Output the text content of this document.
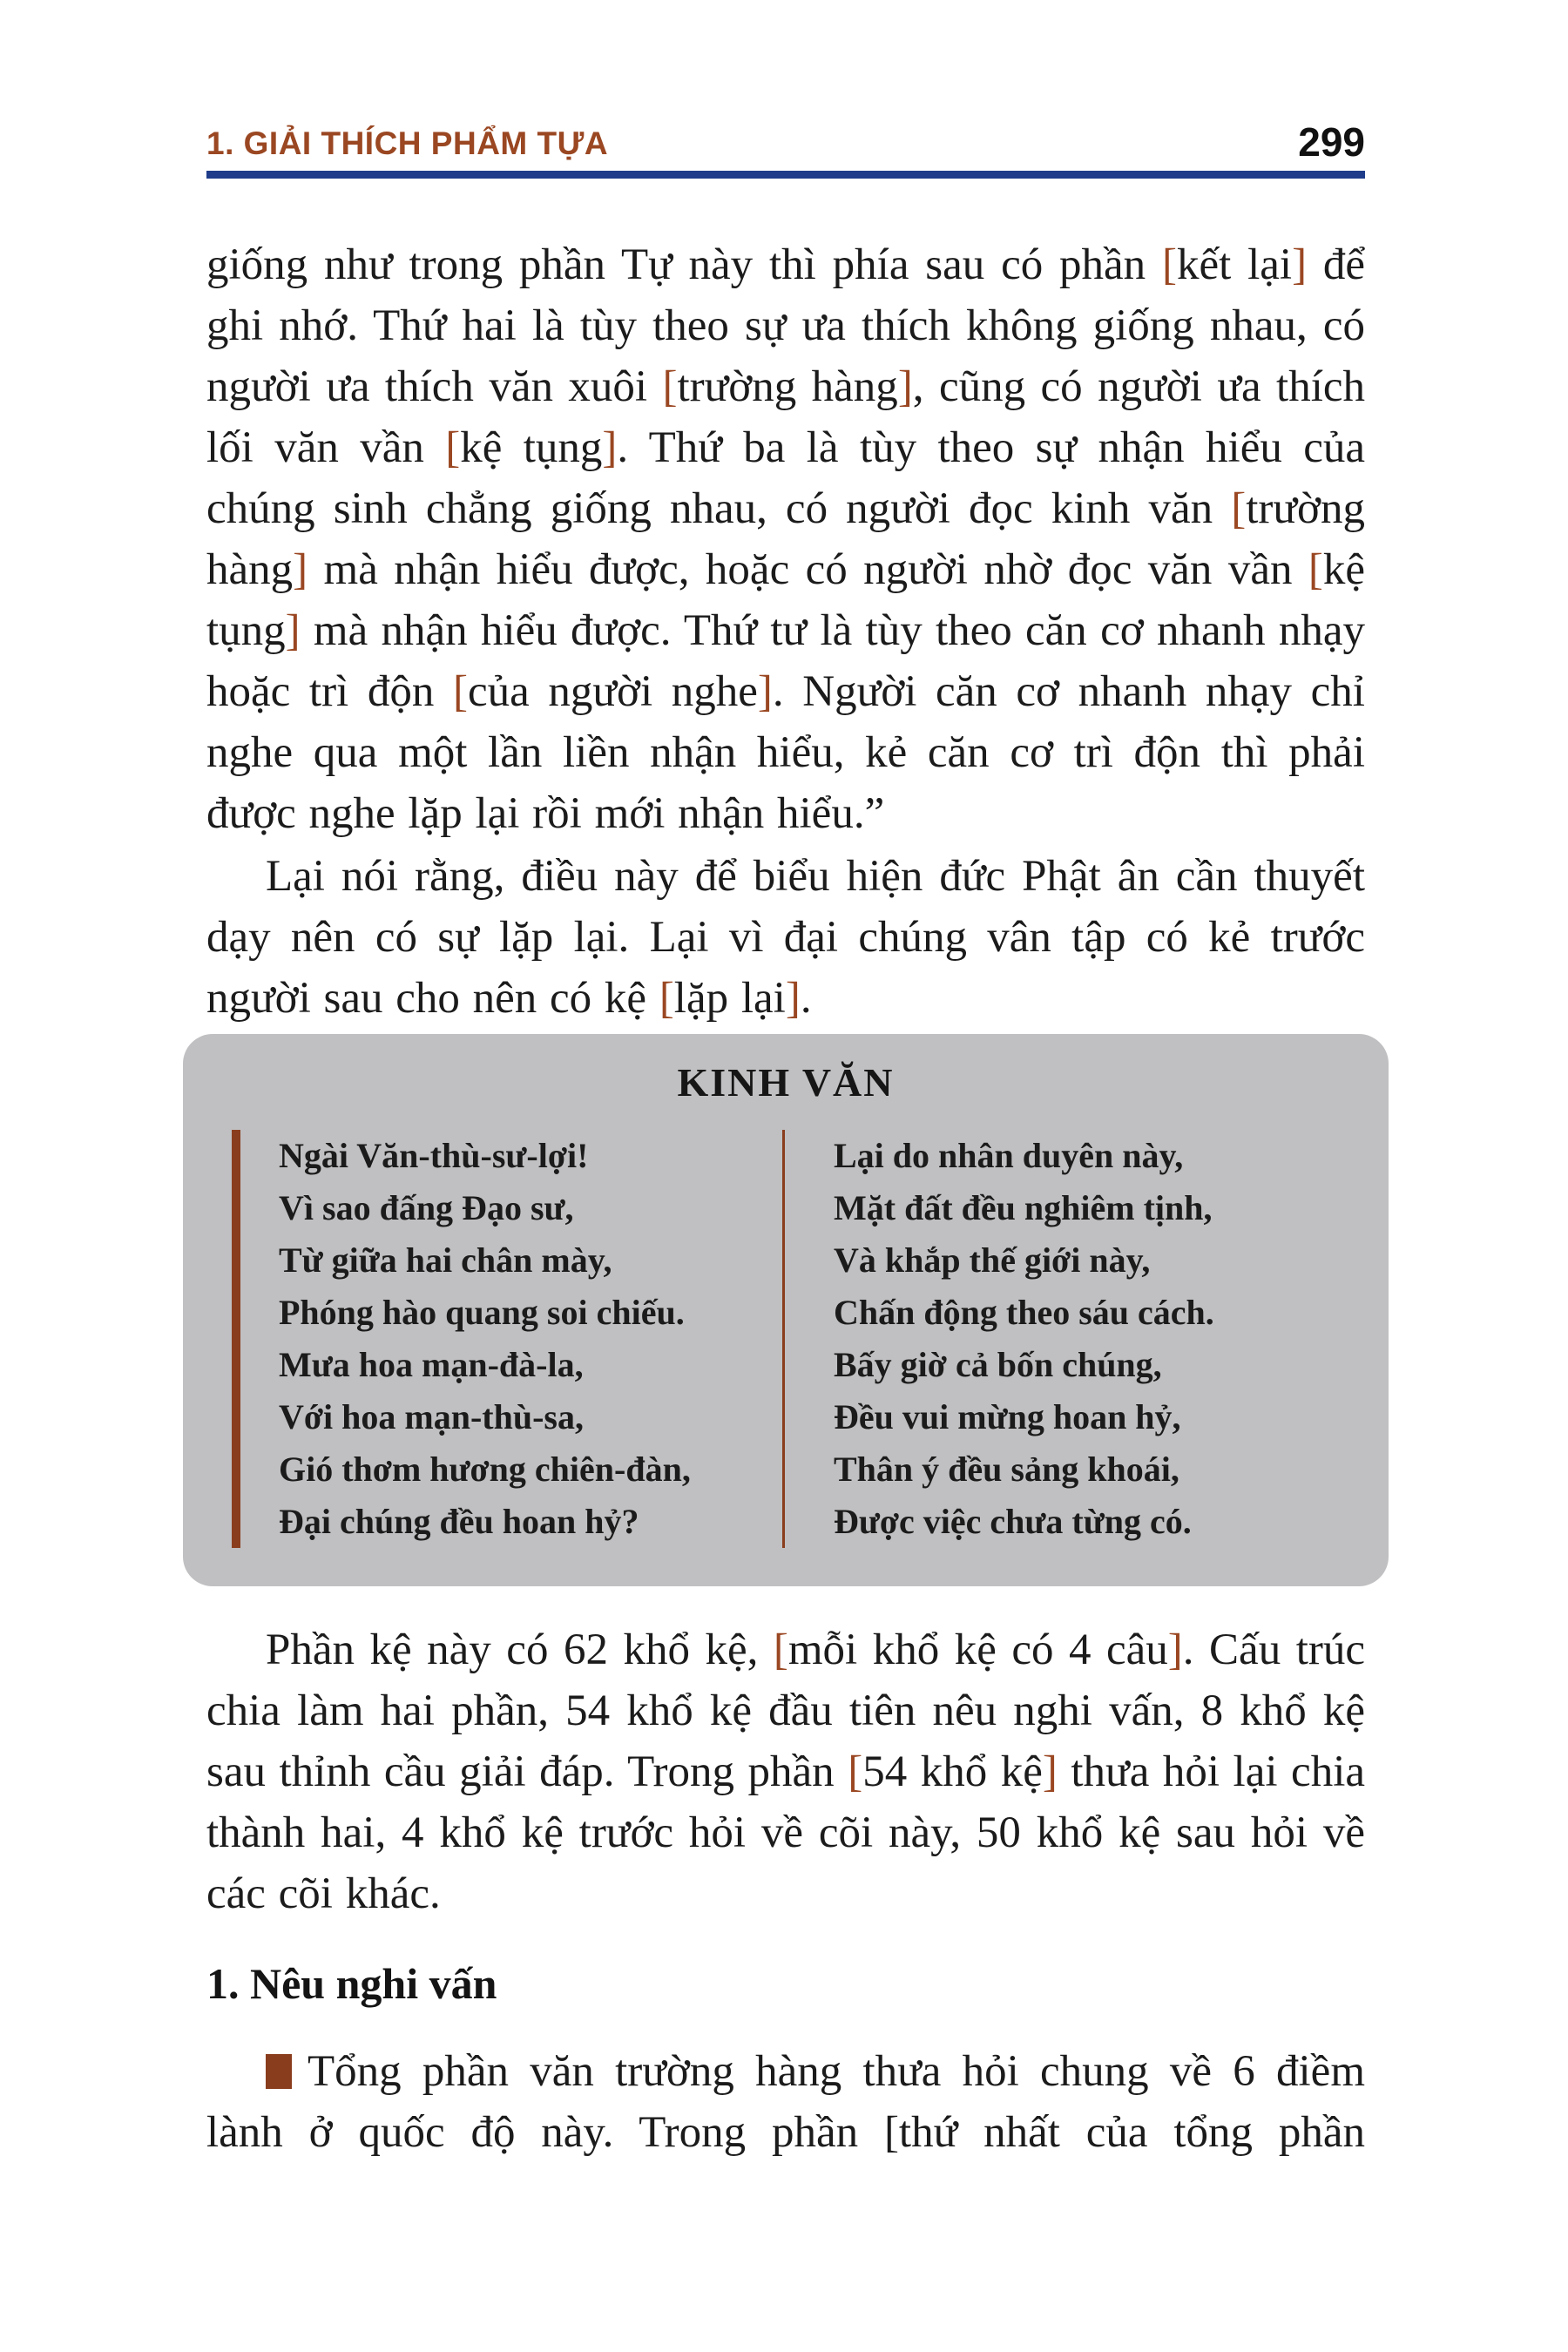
1. GIẢI THÍCH PHẨM TỰA	299

giống như trong phần Tự này thì phía sau có phần [kết lại] để ghi nhớ. Thứ hai là tùy theo sự ưa thích không giống nhau, có người ưa thích văn xuôi [trường hàng], cũng có người ưa thích lối văn vần [kệ tụng]. Thứ ba là tùy theo sự nhận hiểu của chúng sinh chẳng giống nhau, có người đọc kinh văn [trường hàng] mà nhận hiểu được, hoặc có người nhờ đọc văn vần [kệ tụng] mà nhận hiểu được. Thứ tư là tùy theo căn cơ nhanh nhạy hoặc trì độn [của người nghe]. Người căn cơ nhanh nhạy chỉ nghe qua một lần liền nhận hiểu, kẻ căn cơ trì độn thì phải được nghe lặp lại rồi mới nhận hiểu.”

Lại nói rằng, điều này để biểu hiện đức Phật ân cần thuyết dạy nên có sự lặp lại. Lại vì đại chúng vân tập có kẻ trước người sau cho nên có kệ [lặp lại].

KINH VĂN
Ngài Văn-thù-sư-lợi!
Vì sao đấng Đạo sư,
Từ giữa hai chân mày,
Phóng hào quang soi chiếu.
Mưa hoa mạn-đà-la,
Với hoa mạn-thù-sa,
Gió thơm hương chiên-đàn,
Đại chúng đều hoan hỷ?
Lại do nhân duyên này,
Mặt đất đều nghiêm tịnh,
Và khắp thế giới này,
Chấn động theo sáu cách.
Bấy giờ cả bốn chúng,
Đều vui mừng hoan hỷ,
Thân ý đều sảng khoái,
Được việc chưa từng có.

Phần kệ này có 62 khổ kệ, [mỗi khổ kệ có 4 câu]. Cấu trúc chia làm hai phần, 54 khổ kệ đầu tiên nêu nghi vấn, 8 khổ kệ sau thỉnh cầu giải đáp. Trong phần [54 khổ kệ] thưa hỏi lại chia thành hai, 4 khổ kệ trước hỏi về cõi này, 50 khổ kệ sau hỏi về các cõi khác.

1. Nêu nghi vấn

Tổng phần văn trường hàng thưa hỏi chung về 6 điềm lành ở quốc độ này. Trong phần [thứ nhất của tổng phần
